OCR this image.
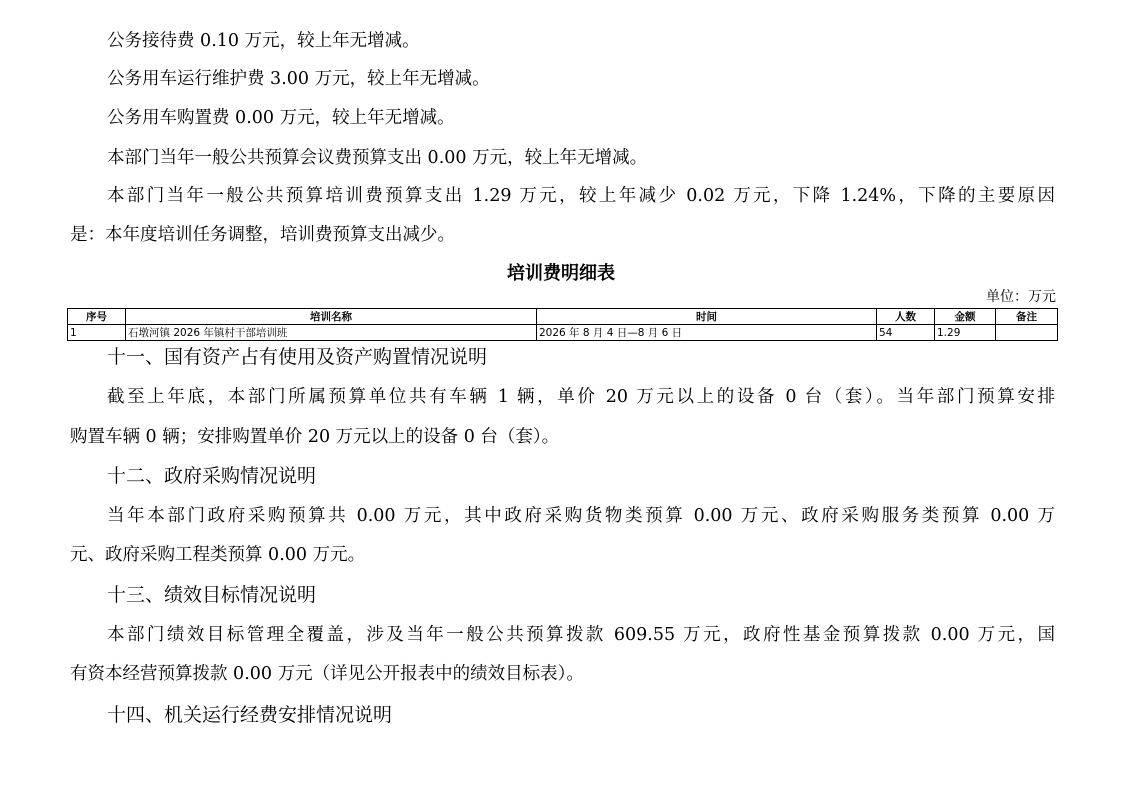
公务接待费 0.10 万元，较上年无增减。
公务用车运行维护费 3.00 万元，较上年无增减。
公务用车购置费 0.00 万元，较上年无增减。
本部门当年一般公共预算会议费预算支出 0.00 万元，较上年无增减。
本部门当年一般公共预算培训费预算支出 1.29 万元，较上年减少 0.02 万元，下降 1.24%，下降的主要原因
是：本年度培训任务调整，培训费预算支出减少。
培训费明细表
单位：万元
序号	培训名称	时间	人数	金额	备注
1	石墩河镇 2026 年镇村干部培训班	2026 年 8 月 4 日—8 月 6 日	54	1.29	
十一、国有资产占有使用及资产购置情况说明
截至上年底，本部门所属预算单位共有车辆 1 辆，单价 20 万元以上的设备 0 台（套）。当年部门预算安排
购置车辆 0 辆；安排购置单价 20 万元以上的设备 0 台（套）。
十二、政府采购情况说明
当年本部门政府采购预算共 0.00 万元，其中政府采购货物类预算 0.00 万元、政府采购服务类预算 0.00 万
元、政府采购工程类预算 0.00 万元。
十三、绩效目标情况说明
本部门绩效目标管理全覆盖，涉及当年一般公共预算拨款 609.55 万元，政府性基金预算拨款 0.00 万元，国
有资本经营预算拨款 0.00 万元（详见公开报表中的绩效目标表）。
十四、机关运行经费安排情况说明
